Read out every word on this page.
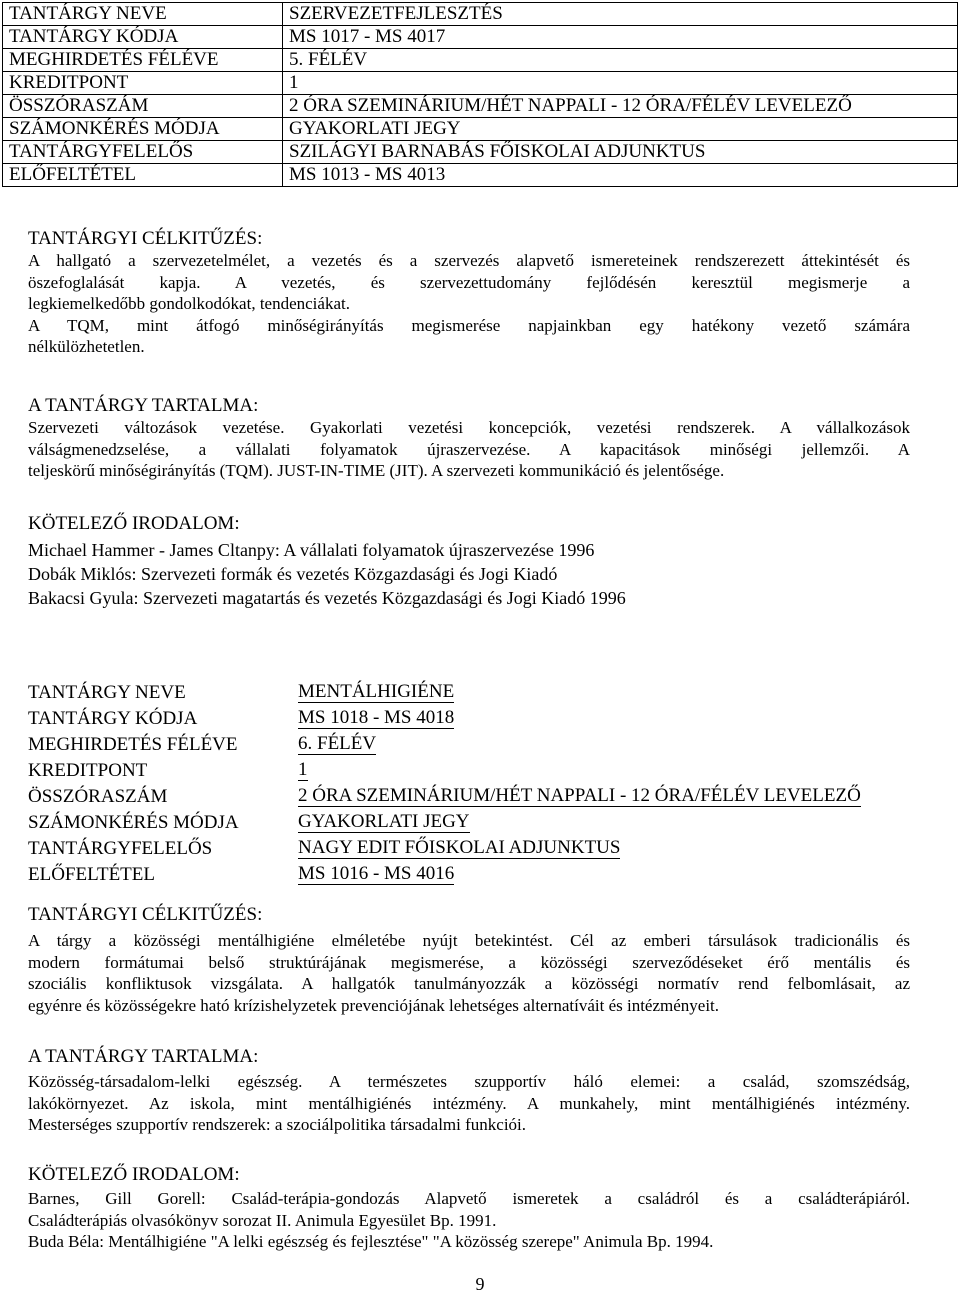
TANTÁRGY NEVE	SZERVEZETFEJLESZTÉS
TANTÁRGY KÓDJA	MS 1017 - MS 4017
MEGHIRDETÉS FÉLÉVE	5. FÉLÉV
KREDITPONT	1
ÖSSZÓRASZÁM	2 ÓRA SZEMINÁRIUM/HÉT NAPPALI - 12 ÓRA/FÉLÉV LEVELEZŐ
SZÁMONKÉRÉS MÓDJA	GYAKORLATI JEGY
TANTÁRGYFELELŐS	SZILÁGYI BARNABÁS FŐISKOLAI ADJUNKTUS
ELŐFELTÉTEL	MS 1013 - MS 4013
TANTÁRGYI CÉLKITŰZÉS:
A hallgató a szervezetelmélet, a vezetés és a szervezés alapvető ismereteinek rendszerezett áttekintését és
öszefoglalását kapja. A vezetés, és szervezettudomány fejlődésén keresztül megismerje a
legkiemelkedőbb gondolkodókat, tendenciákat.
A TQM, mint átfogó minőségirányítás megismerése napjainkban egy hatékony vezető számára
nélkülözhetetlen.
A TANTÁRGY TARTALMA:
Szervezeti változások vezetése. Gyakorlati vezetési koncepciók, vezetési rendszerek. A vállalkozások
válságmenedzselése, a vállalati folyamatok újraszervezése. A kapacitások minőségi jellemzői. A
teljeskörű minőségirányítás (TQM). JUST-IN-TIME (JIT). A szervezeti kommunikáció és jelentősége.
KÖTELEZŐ IRODALOM:
Michael Hammer - James Cltanpy: A vállalati folyamatok újraszervezése 1996
Dobák Miklós: Szervezeti formák és vezetés Közgazdasági és Jogi Kiadó
Bakacsi Gyula: Szervezeti magatartás és vezetés Közgazdasági és Jogi Kiadó 1996
TANTÁRGY NEVE	MENTÁLHIGIÉNE
TANTÁRGY KÓDJA	MS 1018 - MS 4018
MEGHIRDETÉS FÉLÉVE	6. FÉLÉV
KREDITPONT	1
ÖSSZÓRASZÁM	2 ÓRA SZEMINÁRIUM/HÉT NAPPALI - 12 ÓRA/FÉLÉV LEVELEZŐ
SZÁMONKÉRÉS MÓDJA	GYAKORLATI JEGY
TANTÁRGYFELELŐS	NAGY EDIT FŐISKOLAI ADJUNKTUS
ELŐFELTÉTEL	MS 1016 - MS 4016
TANTÁRGYI CÉLKITŰZÉS:
A tárgy a közösségi mentálhigiéne elméletébe nyújt betekintést. Cél az emberi társulások tradicionális és
modern formátumai belső struktúrájának megismerése, a közösségi szerveződéseket érő mentális és
szociális konfliktusok vizsgálata. A hallgatók tanulmányozzák a közösségi normatív rend felbomlásait, az
egyénre és közösségekre ható krízishelyzetek prevenciójának lehetséges alternatíváit és intézményeit.
A TANTÁRGY TARTALMA:
Közösség-társadalom-lelki egészség. A természetes szupportív háló elemei: a család, szomszédság,
lakókörnyezet. Az iskola, mint mentálhigiénés intézmény. A munkahely, mint mentálhigiénés intézmény.
Mesterséges szupportív rendszerek: a szociálpolitika társadalmi funkciói.
KÖTELEZŐ IRODALOM:
Barnes, Gill Gorell: Család-terápia-gondozás Alapvető ismeretek a családról és a családterápiáról.
Családterápiás olvasókönyv sorozat II. Animula Egyesület Bp. 1991.
Buda Béla: Mentálhigiéne "A lelki egészség és fejlesztése" "A közösség szerepe" Animula Bp. 1994.
9
